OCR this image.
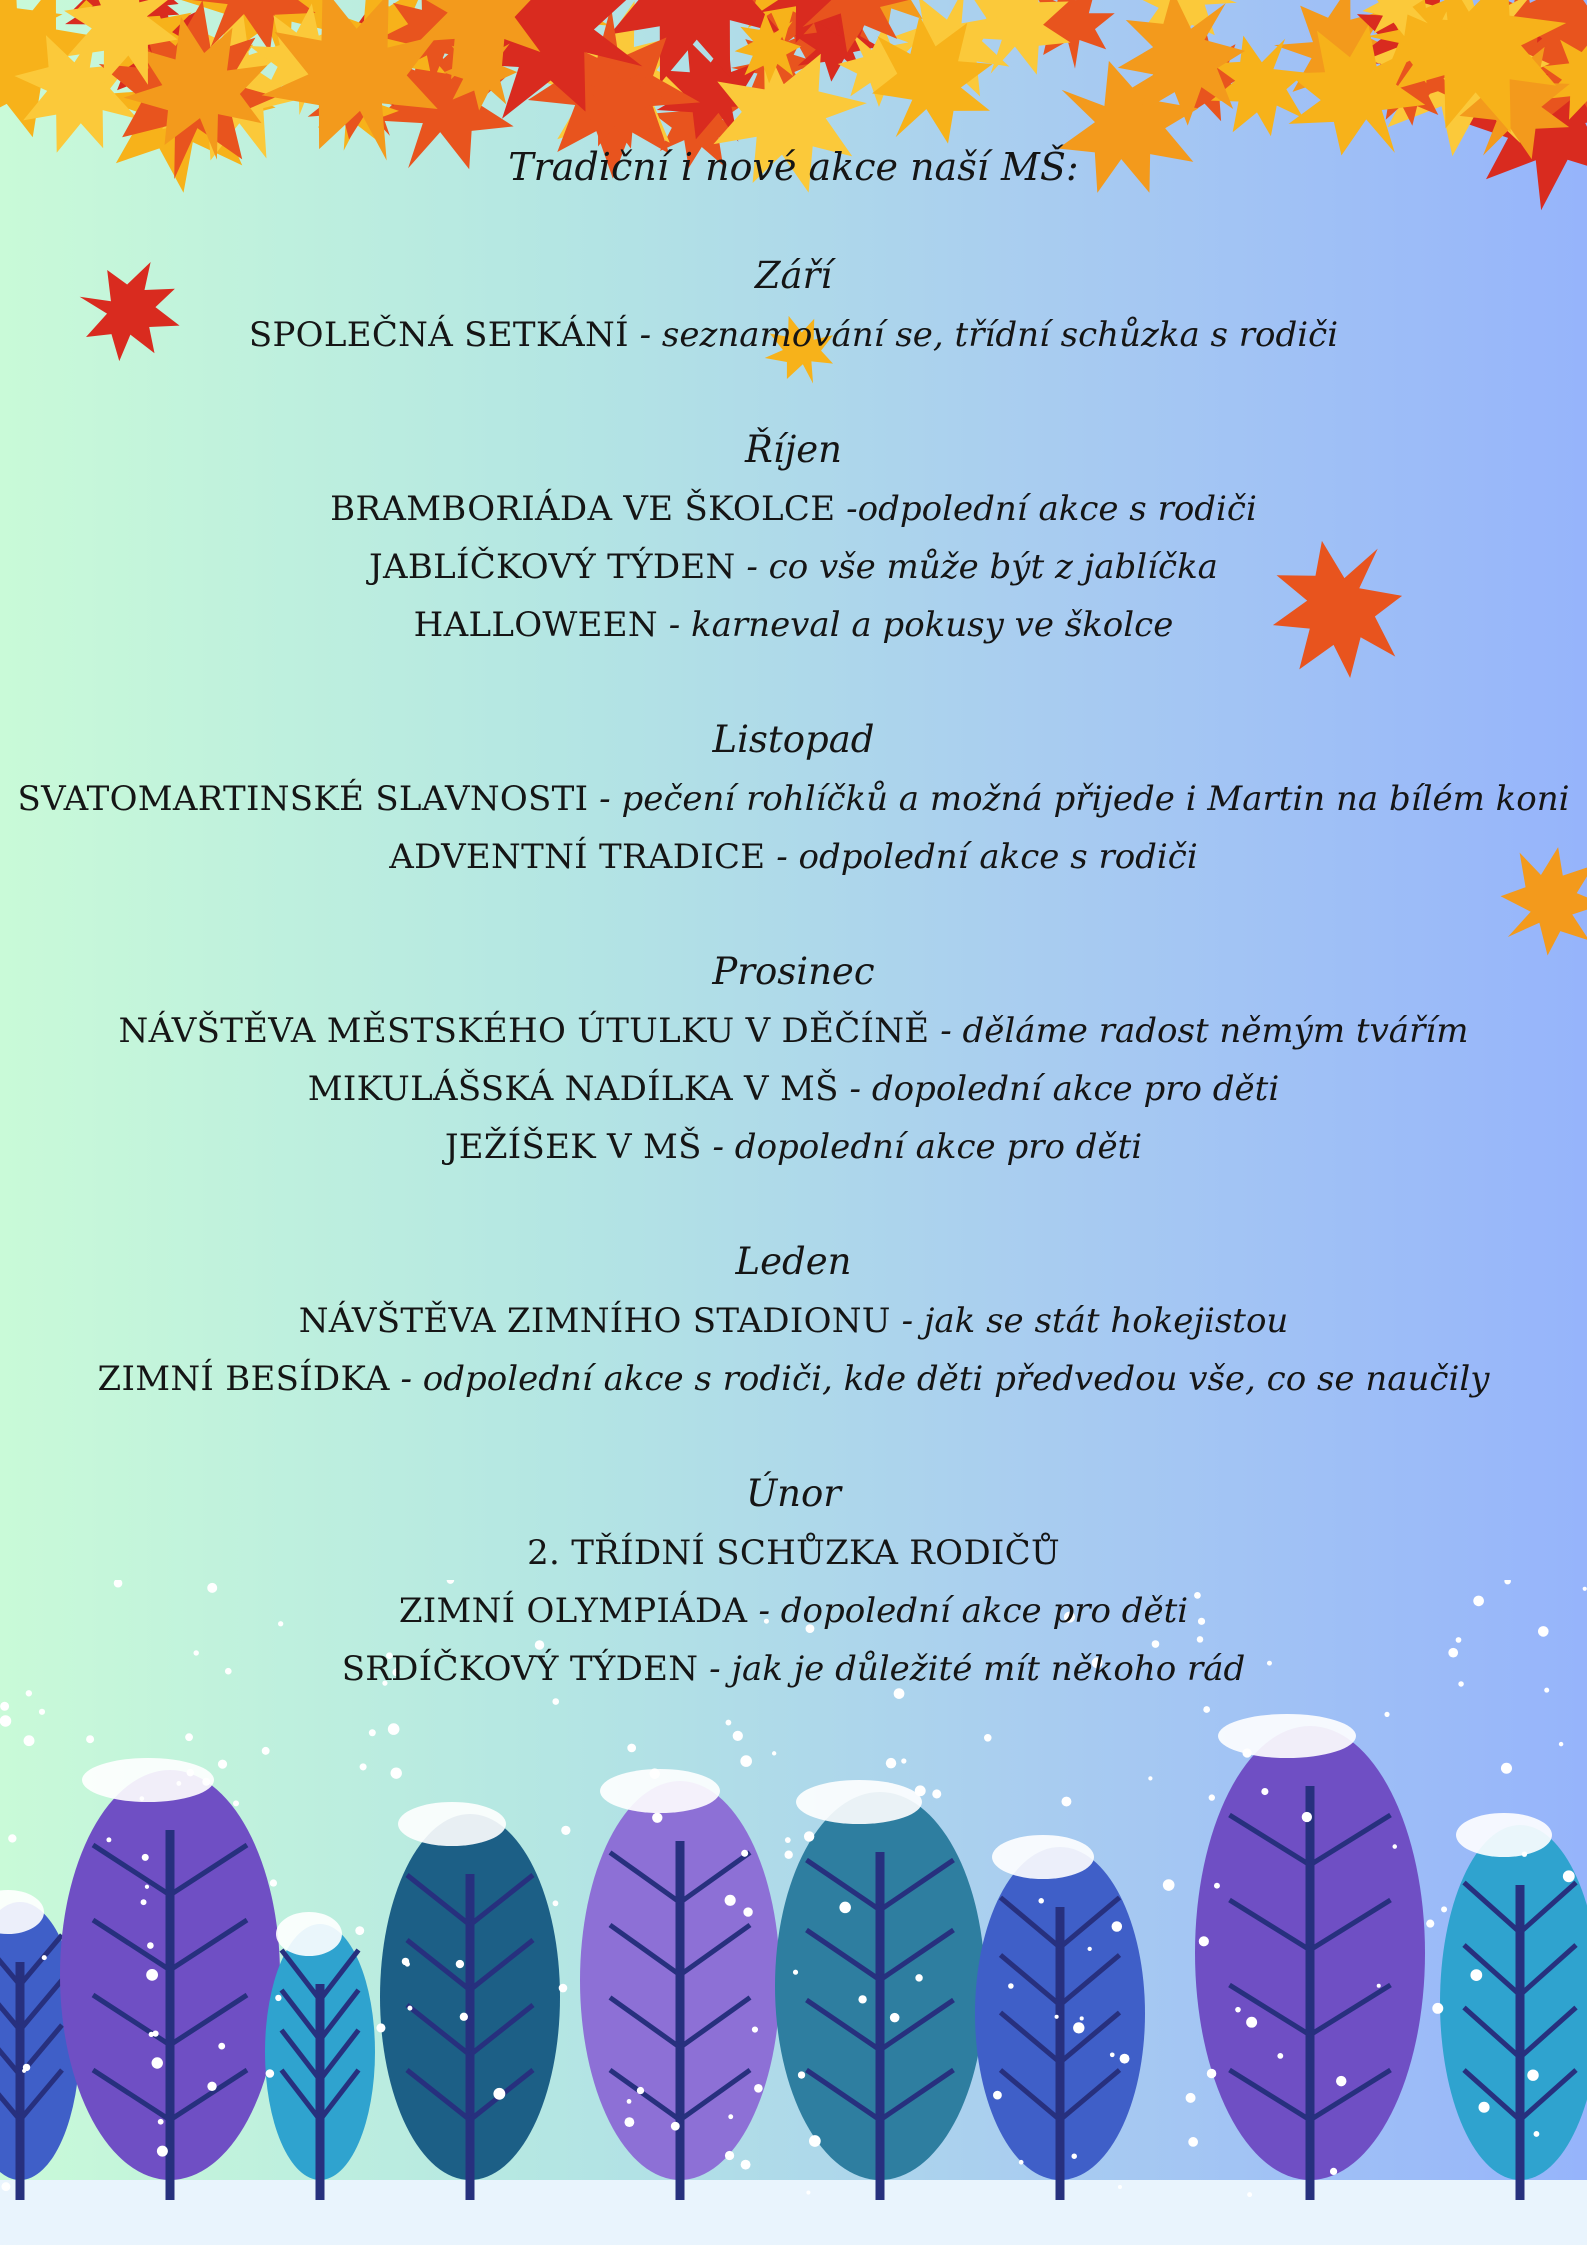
Tradiční i nové akce naší MŠ:
Září
SPOLEČNÁ SETKÁNÍ - seznamování se, třídní schůzka s rodiči
Říjen
BRAMBORIÁDA VE ŠKOLCE -odpolední akce s rodiči
JABLÍČKOVÝ TÝDEN - co vše může být z jablíčka
HALLOWEEN - karneval a pokusy ve školce
Listopad
SVATOMARTINSKÉ SLAVNOSTI - pečení rohlíčků a možná přijede i Martin na bílém koni
ADVENTNÍ TRADICE - odpolední akce s rodiči
Prosinec
NÁVŠTĚVA MĚSTSKÉHO ÚTULKU V DĚČÍNĚ - děláme radost němým tvářím
MIKULÁŠSKÁ NADÍLKA V MŠ - dopolední akce pro děti
JEŽÍŠEK V MŠ - dopolední akce pro děti
Leden
NÁVŠTĚVA ZIMNÍHO STADIONU - jak se stát hokejistou
ZIMNÍ BESÍDKA - odpolední akce s rodiči, kde děti předvedou vše, co se naučily
Únor
2. TŘÍDNÍ SCHŮZKA RODIČŮ
ZIMNÍ OLYMPIÁDA - dopolední akce pro děti
SRDÍČKOVÝ TÝDEN - jak je důležité mít někoho rád
